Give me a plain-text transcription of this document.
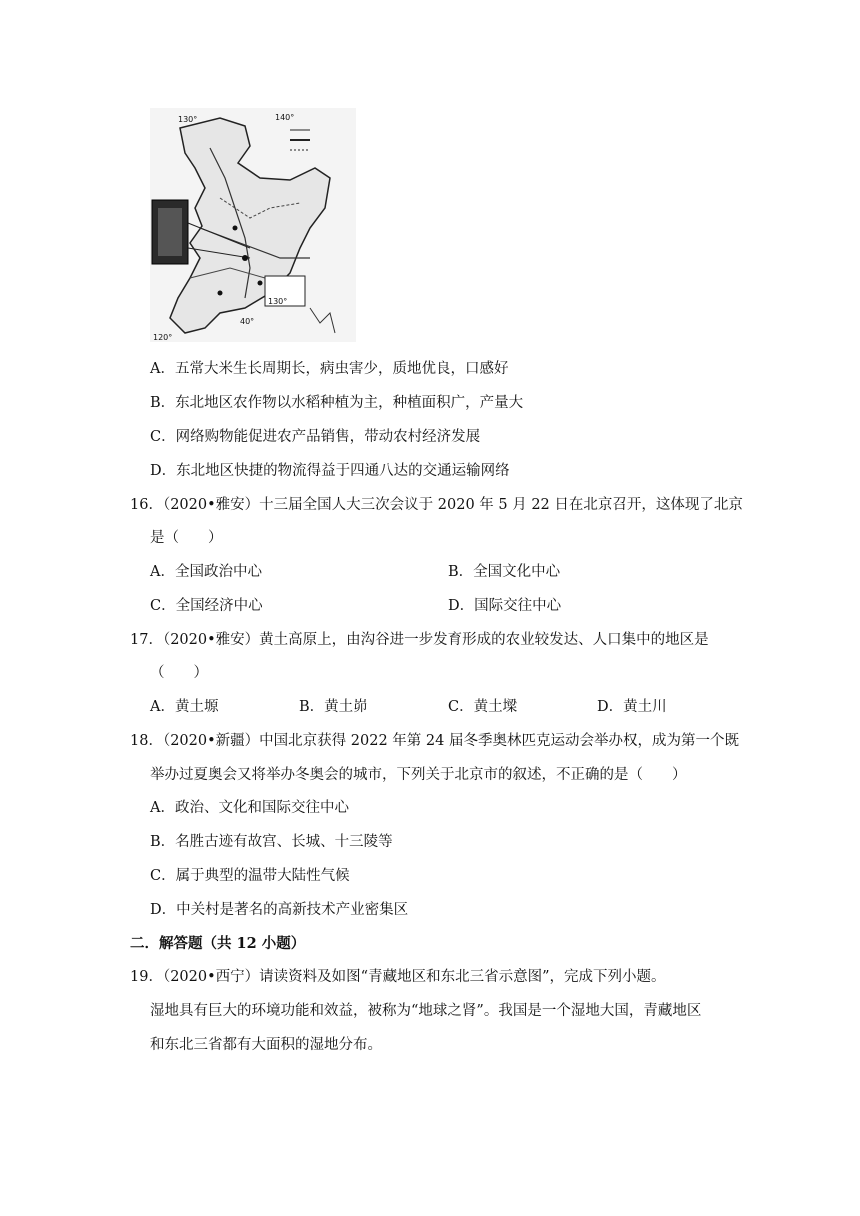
130°
120°
140°
130°
40°
A．五常大米生长周期长，病虫害少，质地优良，口感好
B．东北地区农作物以水稻种植为主，种植面积广，产量大
C．网络购物能促进农产品销售，带动农村经济发展
D．东北地区快捷的物流得益于四通八达的交通运输网络
16．（2020•雅安）十三届全国人大三次会议于 2020 年 5 月 22 日在北京召开，这体现了北京
是（　　）
A．全国政治中心	B．全国文化中心
C．全国经济中心	D．国际交往中心
17．（2020•雅安）黄土高原上，由沟谷进一步发育形成的农业较发达、人口集中的地区是
（　　）
A．黄土塬	B．黄土峁	C．黄土墚	D．黄土川
18．（2020•新疆）中国北京获得 2022 年第 24 届冬季奥林匹克运动会举办权，成为第一个既
举办过夏奥会又将举办冬奥会的城市，下列关于北京市的叙述，不正确的是（　　）
A．政治、文化和国际交往中心
B．名胜古迹有故宫、长城、十三陵等
C．属于典型的温带大陆性气候
D．中关村是著名的高新技术产业密集区
二．解答题（共 12 小题）
19．（2020•西宁）请读资料及如图“青藏地区和东北三省示意图”，完成下列小题。
湿地具有巨大的环境功能和效益，被称为“地球之肾”。我国是一个湿地大国，青藏地区
和东北三省都有大面积的湿地分布。
